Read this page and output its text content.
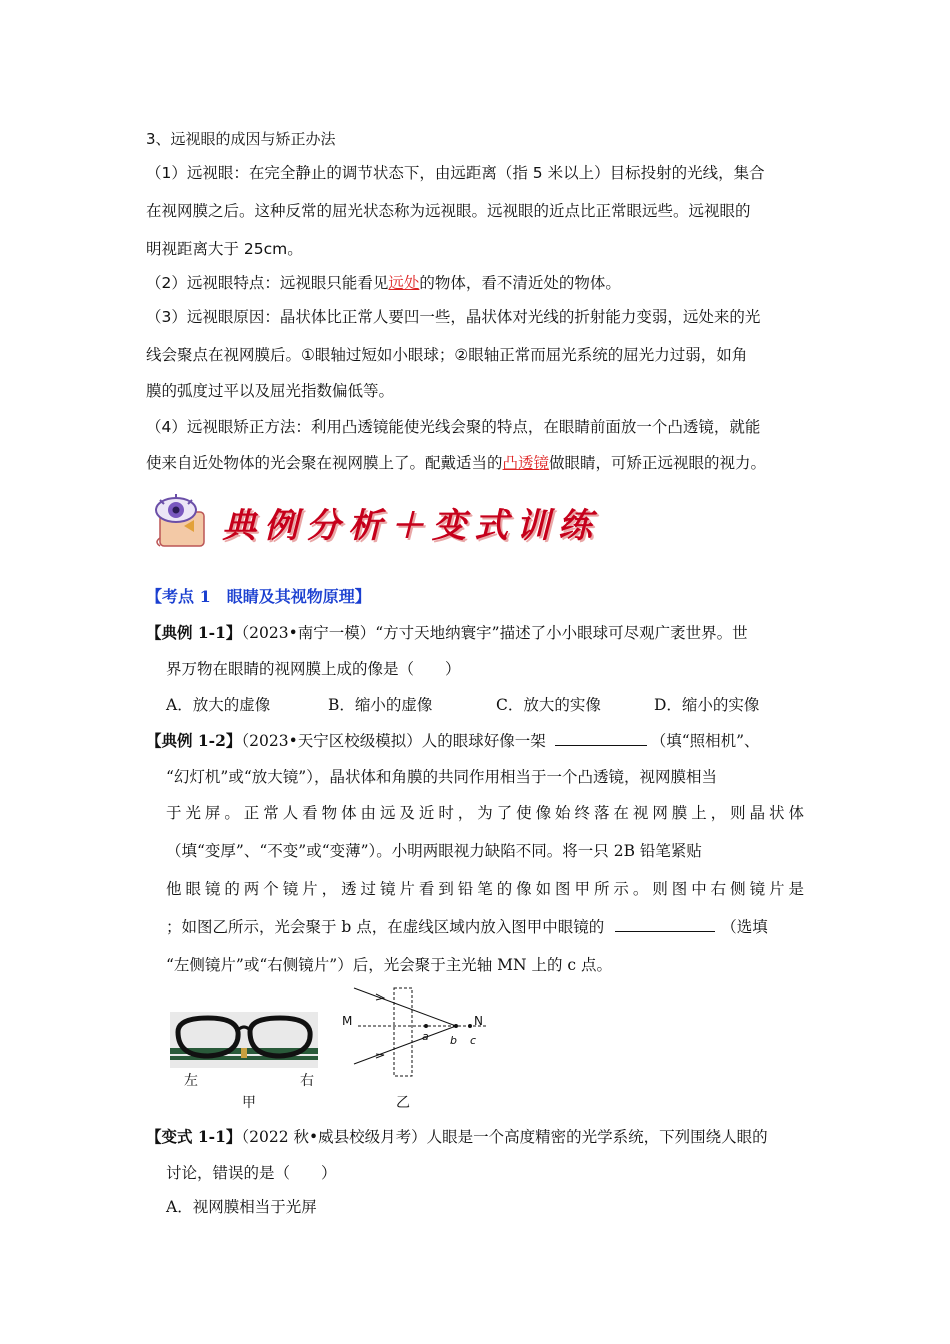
3、远视眼的成因与矫正办法
（1）远视眼：在完全静止的调节状态下，由远距离（指 5 米以上）目标投射的光线，集合
在视网膜之后。这种反常的屈光状态称为远视眼。远视眼的近点比正常眼远些。远视眼的
明视距离大于 25cm。
（2）远视眼特点：远视眼只能看见远处的物体，看不清近处的物体。
（3）远视眼原因：晶状体比正常人要凹一些，晶状体对光线的折射能力变弱，远处来的光
线会聚点在视网膜后。①眼轴过短如小眼球；②眼轴正常而屈光系统的屈光力过弱，如角
膜的弧度过平以及屈光指数偏低等。
（4）远视眼矫正方法：利用凸透镜能使光线会聚的特点，在眼睛前面放一个凸透镜，就能
使来自近处物体的光会聚在视网膜上了。配戴适当的凸透镜做眼睛，可矫正远视眼的视力。
典例分析＋变式训练
【考点 1　眼睛及其视物原理】
【典例 1-1】（2023•南宁一模）“方寸天地纳寰宇”描述了小小眼球可尽观广袤世界。世
界万物在眼睛的视网膜上成的像是（　　）
A．放大的虚像	B．缩小的虚像	C．放大的实像	D．缩小的实像
【典例 1-2】（2023•天宁区校级模拟）人的眼球好像一架	（填“照相机”、
“幻灯机”或“放大镜”），晶状体和角膜的共同作用相当于一个凸透镜，视网膜相当
于光屏。正常人看物体由远及近时，为了使像始终落在视网膜上，则晶状体
（填“变厚”、“不变”或“变薄”）。小明两眼视力缺陷不同。将一只 2B 铅笔紧贴
他眼镜的两个镜片，透过镜片看到铅笔的像如图甲所示。则图中右侧镜片是
；如图乙所示，光会聚于 b 点，在虚线区域内放入图甲中眼镜的	（选填
“左侧镜片”或“右侧镜片”）后，光会聚于主光轴 MN 上的 c 点。
左	右
甲
M	N
a b c
乙
【变式 1-1】（2022 秋•威县校级月考）人眼是一个高度精密的光学系统，下列围绕人眼的
讨论，错误的是（　　）
A．视网膜相当于光屏
